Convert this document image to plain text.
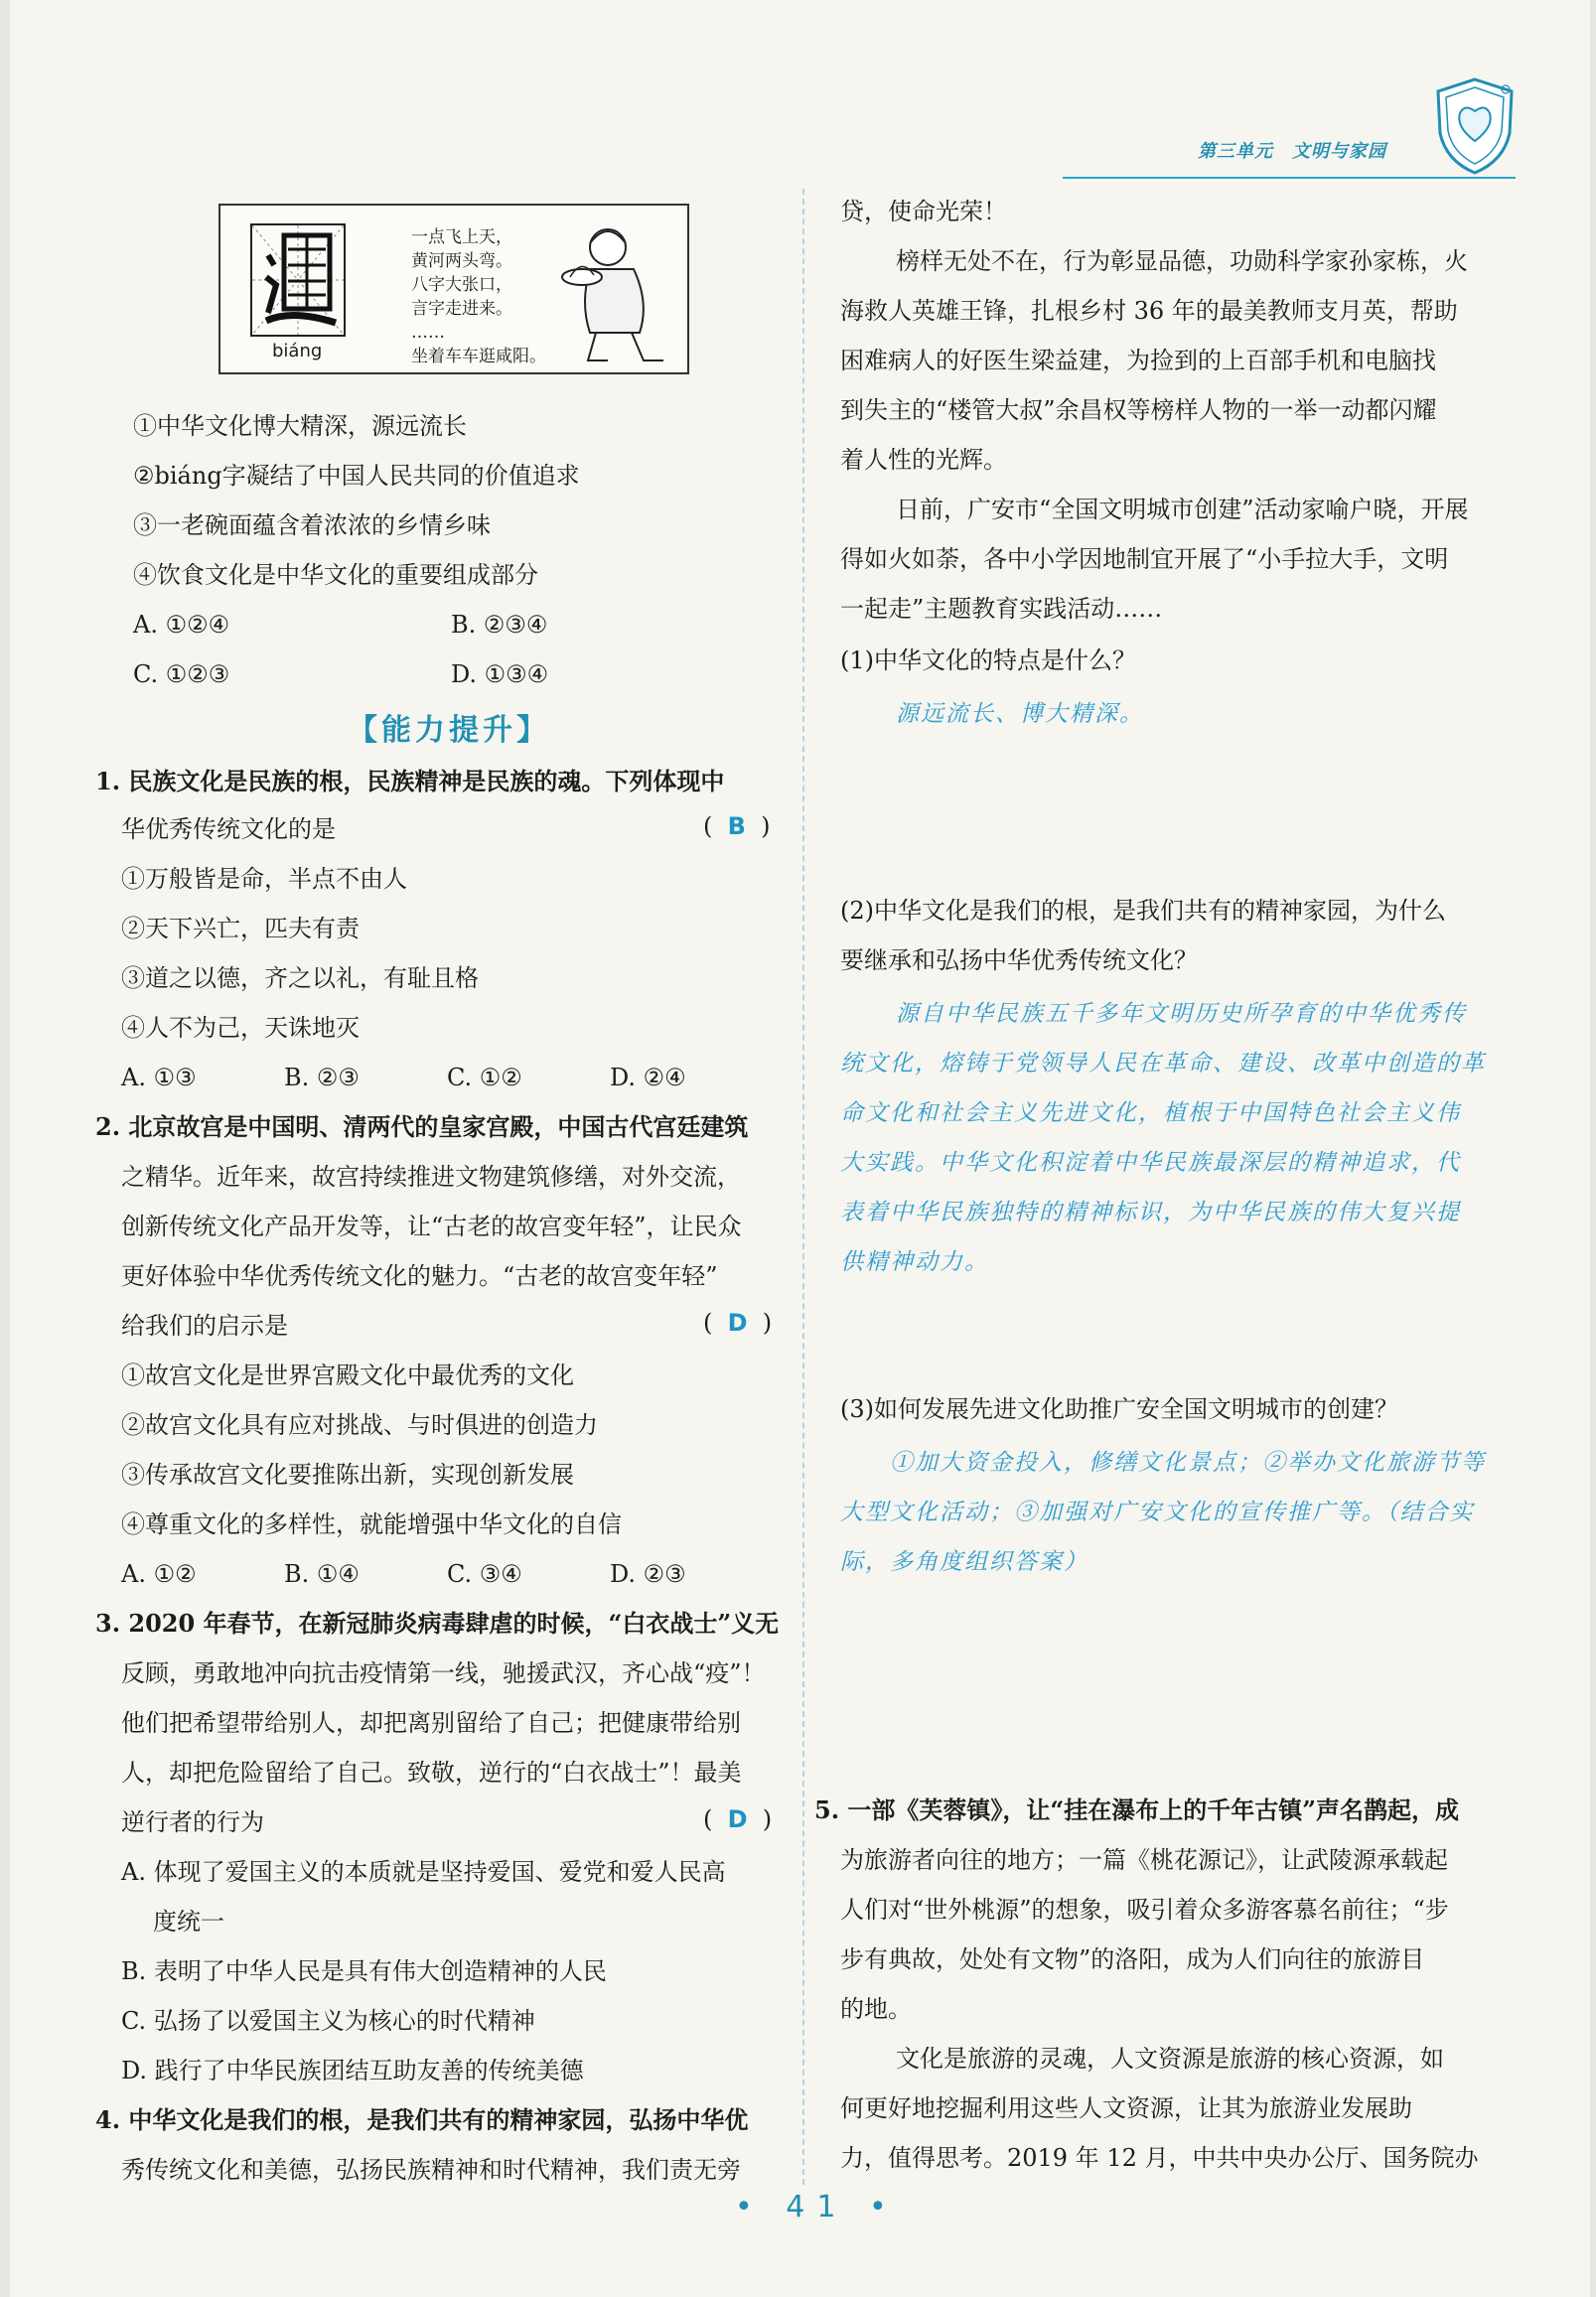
第三单元　文明与家园
biáng
一点飞上天，
黄河两头弯。
八字大张口，
言字走进来。
……
坐着车车逛咸阳。
①中华文化博大精深，源远流长
②biáng字凝结了中国人民共同的价值追求
③一老碗面蕴含着浓浓的乡情乡味
④饮食文化是中华文化的重要组成部分
A. ①②④	B. ②③④
C. ①②③	D. ①③④
【能力提升】
1. 民族文化是民族的根，民族精神是民族的魂。下列体现中
华优秀传统文化的是	(  B  )
①万般皆是命，半点不由人
②天下兴亡，匹夫有责
③道之以德，齐之以礼，有耻且格
④人不为己，天诛地灭
A. ①③	B. ②③	C. ①②	D. ②④
2. 北京故宫是中国明、清两代的皇家宫殿，中国古代宫廷建筑
之精华。近年来，故宫持续推进文物建筑修缮，对外交流，
创新传统文化产品开发等，让“古老的故宫变年轻”，让民众
更好体验中华优秀传统文化的魅力。“古老的故宫变年轻”
给我们的启示是	(  D  )
①故宫文化是世界宫殿文化中最优秀的文化
②故宫文化具有应对挑战、与时俱进的创造力
③传承故宫文化要推陈出新，实现创新发展
④尊重文化的多样性，就能增强中华文化的自信
A. ①②	B. ①④	C. ③④	D. ②③
3. 2020 年春节，在新冠肺炎病毒肆虐的时候，“白衣战士”义无
反顾，勇敢地冲向抗击疫情第一线，驰援武汉，齐心战“疫”！
他们把希望带给别人，却把离别留给了自己；把健康带给别
人，却把危险留给了自己。致敬，逆行的“白衣战士”！最美
逆行者的行为	(  D  )
A. 体现了爱国主义的本质就是坚持爱国、爱党和爱人民高
度统一
B. 表明了中华人民是具有伟大创造精神的人民
C. 弘扬了以爱国主义为核心的时代精神
D. 践行了中华民族团结互助友善的传统美德
4. 中华文化是我们的根，是我们共有的精神家园，弘扬中华优
秀传统文化和美德，弘扬民族精神和时代精神，我们责无旁
贷，使命光荣！
榜样无处不在，行为彰显品德，功勋科学家孙家栋，火
海救人英雄王锋，扎根乡村 36 年的最美教师支月英，帮助
困难病人的好医生梁益建，为捡到的上百部手机和电脑找
到失主的“楼管大叔”余昌权等榜样人物的一举一动都闪耀
着人性的光辉。
日前，广安市“全国文明城市创建”活动家喻户晓，开展
得如火如荼，各中小学因地制宜开展了“小手拉大手，文明
一起走”主题教育实践活动……
(1)中华文化的特点是什么？
源远流长、博大精深。
(2)中华文化是我们的根，是我们共有的精神家园，为什么
要继承和弘扬中华优秀传统文化？
源自中华民族五千多年文明历史所孕育的中华优秀传
统文化，熔铸于党领导人民在革命、建设、改革中创造的革
命文化和社会主义先进文化，植根于中国特色社会主义伟
大实践。中华文化积淀着中华民族最深层的精神追求，代
表着中华民族独特的精神标识，为中华民族的伟大复兴提
供精神动力。
(3)如何发展先进文化助推广安全国文明城市的创建？
①加大资金投入，修缮文化景点；②举办文化旅游节等
大型文化活动；③加强对广安文化的宣传推广等。（结合实
际，多角度组织答案）
5. 一部《芙蓉镇》，让“挂在瀑布上的千年古镇”声名鹊起，成
为旅游者向往的地方；一篇《桃花源记》，让武陵源承载起
人们对“世外桃源”的想象，吸引着众多游客慕名前往；“步
步有典故，处处有文物”的洛阳，成为人们向往的旅游目
的地。
文化是旅游的灵魂，人文资源是旅游的核心资源，如
何更好地挖掘利用这些人文资源，让其为旅游业发展助
力，值得思考。2019 年 12 月，中共中央办公厅、国务院办
• 41 •
